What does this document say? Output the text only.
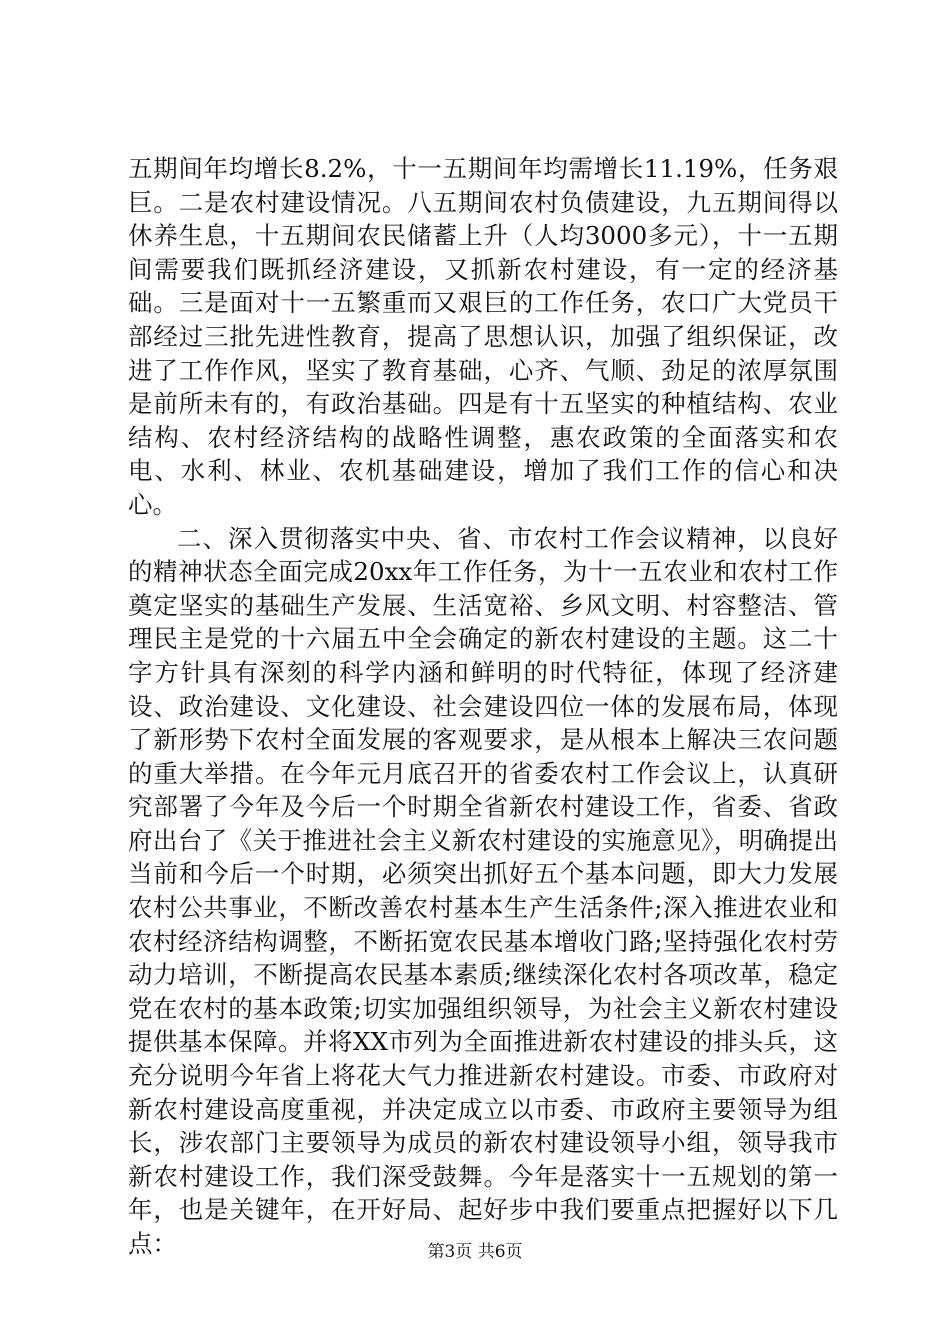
五期间年均增长8.2%，十一五期间年均需增长11.19%，任务艰巨。二是农村建设情况。八五期间农村负债建设，九五期间得以休养生息，十五期间农民储蓄上升（人均3000多元），十一五期间需要我们既抓经济建设，又抓新农村建设，有一定的经济基础。三是面对十一五繁重而又艰巨的工作任务，农口广大党员干部经过三批先进性教育，提高了思想认识，加强了组织保证，改进了工作作风，坚实了教育基础，心齐、气顺、劲足的浓厚氛围是前所未有的，有政治基础。四是有十五坚实的种植结构、农业结构、农村经济结构的战略性调整，惠农政策的全面落实和农电、水利、林业、农机基础建设，增加了我们工作的信心和决心。

二、深入贯彻落实中央、省、市农村工作会议精神，以良好的精神状态全面完成20xx年工作任务，为十一五农业和农村工作奠定坚实的基础生产发展、生活宽裕、乡风文明、村容整洁、管理民主是党的十六届五中全会确定的新农村建设的主题。这二十字方针具有深刻的科学内涵和鲜明的时代特征，体现了经济建设、政治建设、文化建设、社会建设四位一体的发展布局，体现了新形势下农村全面发展的客观要求，是从根本上解决三农问题的重大举措。在今年元月底召开的省委农村工作会议上，认真研究部署了今年及今后一个时期全省新农村建设工作，省委、省政府出台了《关于推进社会主义新农村建设的实施意见》，明确提出当前和今后一个时期，必须突出抓好五个基本问题，即大力发展农村公共事业，不断改善农村基本生产生活条件;深入推进农业和农村经济结构调整，不断拓宽农民基本增收门路;坚持强化农村劳动力培训，不断提高农民基本素质;继续深化农村各项改革，稳定党在农村的基本政策;切实加强组织领导，为社会主义新农村建设提供基本保障。并将XX市列为全面推进新农村建设的排头兵，这充分说明今年省上将花大气力推进新农村建设。市委、市政府对新农村建设高度重视，并决定成立以市委、市政府主要领导为组长，涉农部门主要领导为成员的新农村建设领导小组，领导我市新农村建设工作，我们深受鼓舞。今年是落实十一五规划的第一年，也是关键年，在开好局、起好步中我们要重点把握好以下几点：	第3页 共6页
